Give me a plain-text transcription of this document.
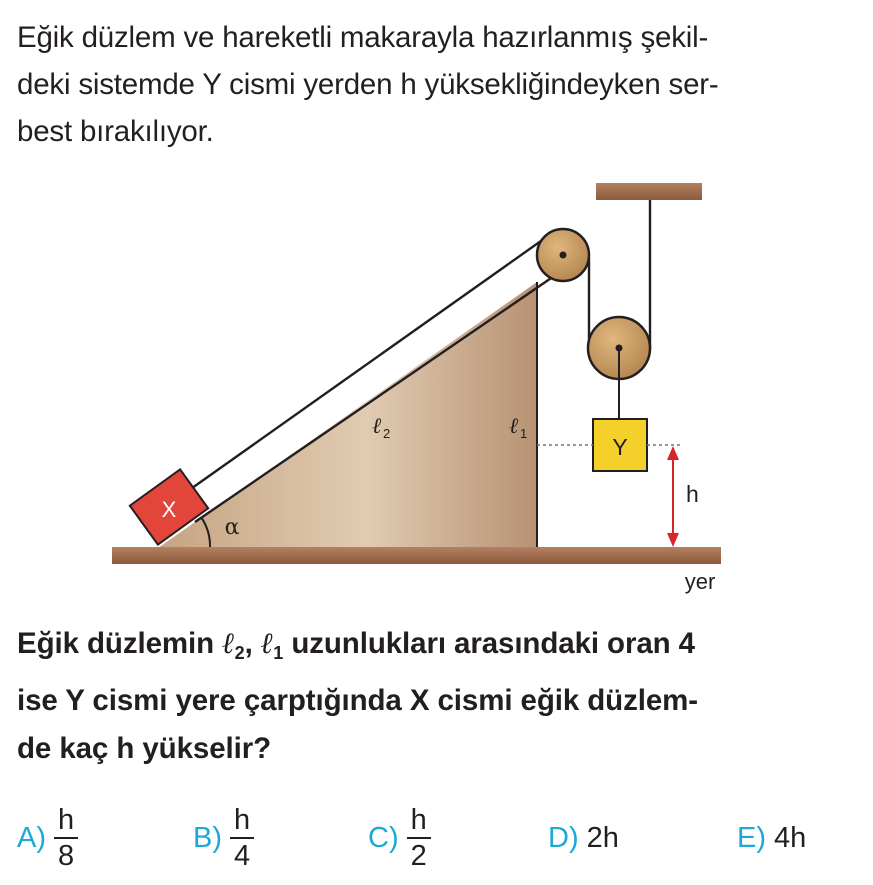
Eğik düzlem ve hareketli makarayla hazırlanmış şekil-
deki sistemde Y cismi yerden h yüksekliğindeyken ser-
best bırakılıyor.
X
α
Y
h
yer
ℓ 2	ℓ 1
Eğik düzlemin ℓ$_2$, ℓ$_1$ uzunlukları arasındaki oran 4
ise Y cismi yere çarptığında X cismi eğik düzlem-
de kaç h yükselir?
$A) \frac{h}{8}$	$B) \frac{h}{4}$	$C) \frac{h}{2}$	D) 2h	E) 4h
